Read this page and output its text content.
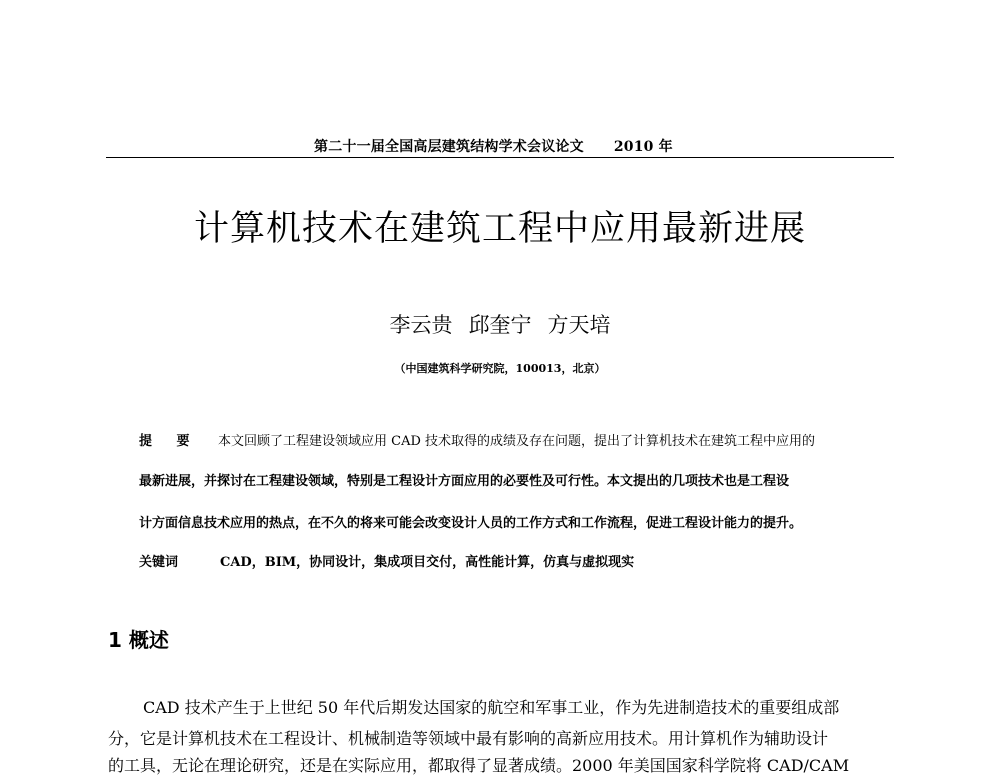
第二十一届全国高层建筑结构学术会议论文 2010 年
计算机技术在建筑工程中应用最新进展
李云贵 邱奎宁 方天培
（中国建筑科学研究院，100013，北京）
提 要 本文回顾了工程建设领域应用 CAD 技术取得的成绩及存在问题，提出了计算机技术在建筑工程中应用的
最新进展，并探讨在工程建设领域，特别是工程设计方面应用的必要性及可行性。本文提出的几项技术也是工程设
计方面信息技术应用的热点，在不久的将来可能会改变设计人员的工作方式和工作流程，促进工程设计能力的提升。
关键词	CAD，BIM，协同设计，集成项目交付，高性能计算，仿真与虚拟现实
1 概述
CAD 技术产生于上世纪 50 年代后期发达国家的航空和军事工业，作为先进制造技术的重要组成部
分，它是计算机技术在工程设计、机械制造等领域中最有影响的高新应用技术。用计算机作为辅助设计
的工具，无论在理论研究，还是在实际应用，都取得了显著成绩。2000 年美国国家科学院将 CAD/CAM
